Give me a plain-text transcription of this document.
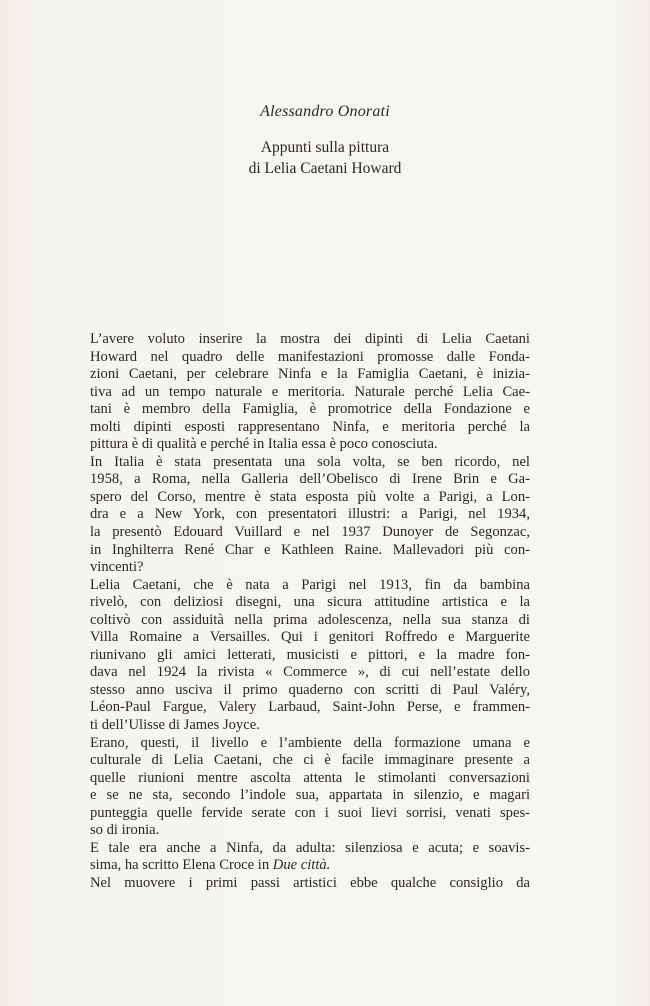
Alessandro Onorati
Appunti sulla pittura
di Lelia Caetani Howard
L’avere voluto inserire la mostra dei dipinti di Lelia Caetani
Howard nel quadro delle manifestazioni promosse dalle Fonda-
zioni Caetani, per celebrare Ninfa e la Famiglia Caetani, è inizia-
tiva ad un tempo naturale e meritoria. Naturale perché Lelia Cae-
tani è membro della Famiglia, è promotrice della Fondazione e
molti dipinti esposti rappresentano Ninfa, e meritoria perché la
pittura è di qualità e perché in Italia essa è poco conosciuta.
In Italia è stata presentata una sola volta, se ben ricordo, nel
1958, a Roma, nella Galleria dell’Obelisco di Irene Brin e Ga-
spero del Corso, mentre è stata esposta più volte a Parigi, a Lon-
dra e a New York, con presentatori illustri: a Parigi, nel 1934,
la presentò Edouard Vuillard e nel 1937 Dunoyer de Segonzac,
in Inghilterra René Char e Kathleen Raine. Mallevadori più con-
vincenti?
Lelia Caetani, che è nata a Parigi nel 1913, fin da bambina
rivelò, con deliziosi disegni, una sicura attitudine artistica e la
coltivò con assiduità nella prima adolescenza, nella sua stanza di
Villa Romaine a Versailles. Qui i genitori Roffredo e Marguerite
riunivano gli amici letterati, musicisti e pittori, e la madre fon-
dava nel 1924 la rivista « Commerce », di cui nell’estate dello
stesso anno usciva il primo quaderno con scritti di Paul Valéry,
Léon-Paul Fargue, Valery Larbaud, Saint-John Perse, e frammen-
ti dell’Ulisse di James Joyce.
Erano, questi, il livello e l’ambiente della formazione umana e
culturale di Lelia Caetani, che ci è facile immaginare presente a
quelle riunioni mentre ascolta attenta le stimolanti conversazioni
e se ne sta, secondo l’indole sua, appartata in silenzio, e magari
punteggia quelle fervide serate con i suoi lievi sorrisi, venati spes-
so di ironia.
E tale era anche a Ninfa, da adulta: silenziosa e acuta; e soavis-
sima, ha scritto Elena Croce in Due città.
Nel muovere i primi passi artistici ebbe qualche consiglio da
